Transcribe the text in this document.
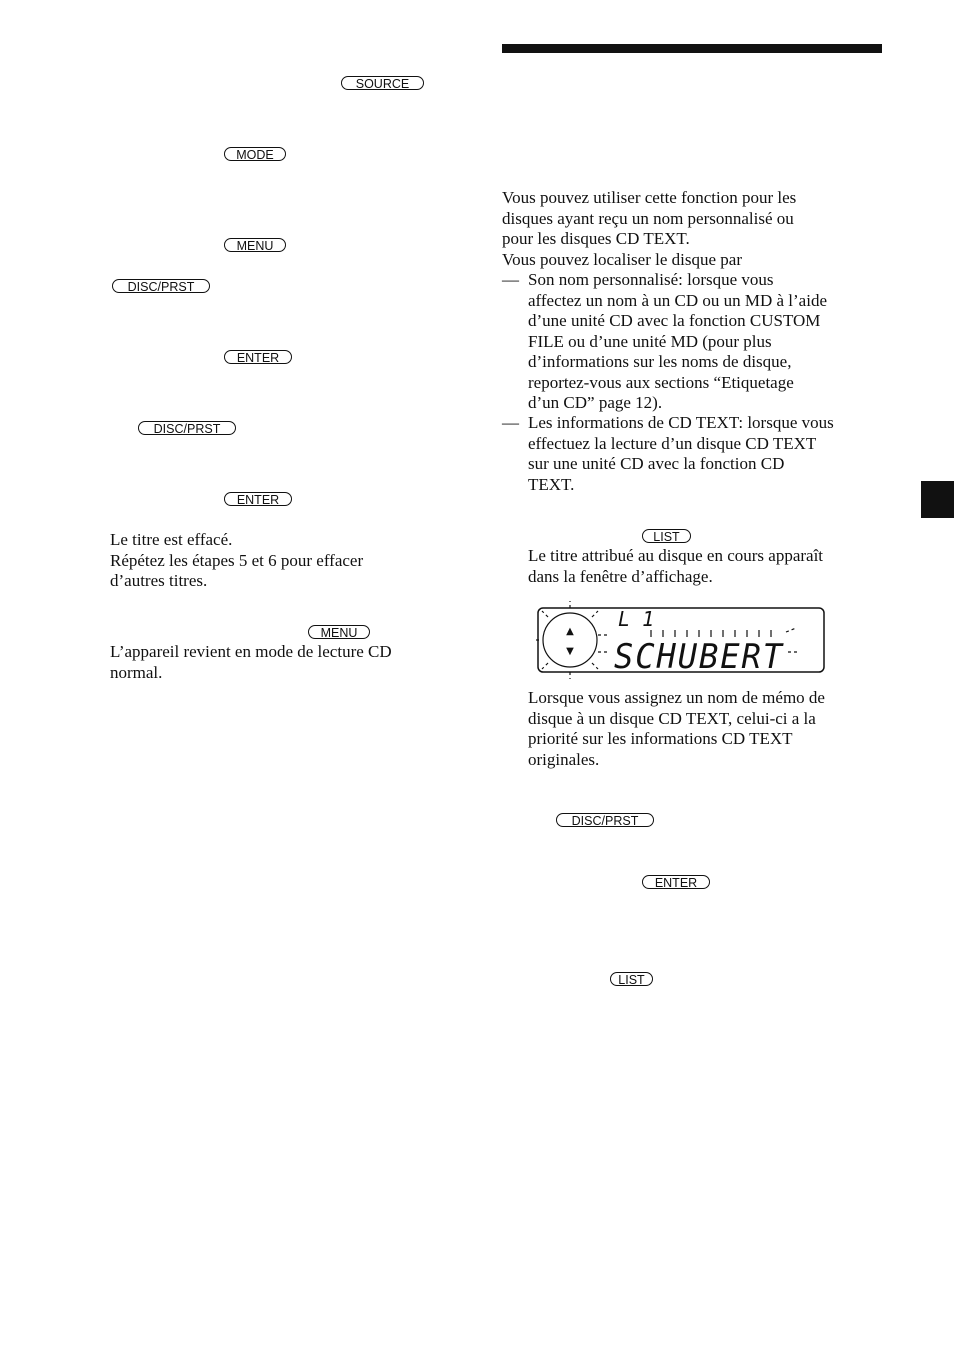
SOURCE
MODE
MENU
DISC/PRST
ENTER
DISC/PRST
ENTER
Le titre est effacé.
Répétez les étapes 5 et 6 pour effacer
d’autres titres.
MENU
L’appareil revient en mode de lecture CD
normal.
Vous pouvez utiliser cette fonction pour les
disques ayant reçu un nom personnalisé ou
pour les disques CD TEXT.
Vous pouvez localiser le disque par
— Son nom personnalisé: lorsque vous
affectez un nom à un CD ou un MD à l’aide
d’une unité CD avec la fonction CUSTOM
FILE ou d’une unité MD (pour plus
d’informations sur les noms de disque,
reportez-vous aux sections “Etiquetage
d’un CD” page 12).
— Les informations de CD TEXT: lorsque vous
effectuez la lecture d’un disque CD TEXT
sur une unité CD avec la fonction CD
TEXT.
LIST
Le titre attribué au disque en cours apparaît
dans la fenêtre d’affichage.
▲
▼
L 1
SCHUBERT
Lorsque vous assignez un nom de mémo de
disque à un disque CD TEXT, celui-ci a la
priorité sur les informations CD TEXT
originales.
DISC/PRST
ENTER
LIST
